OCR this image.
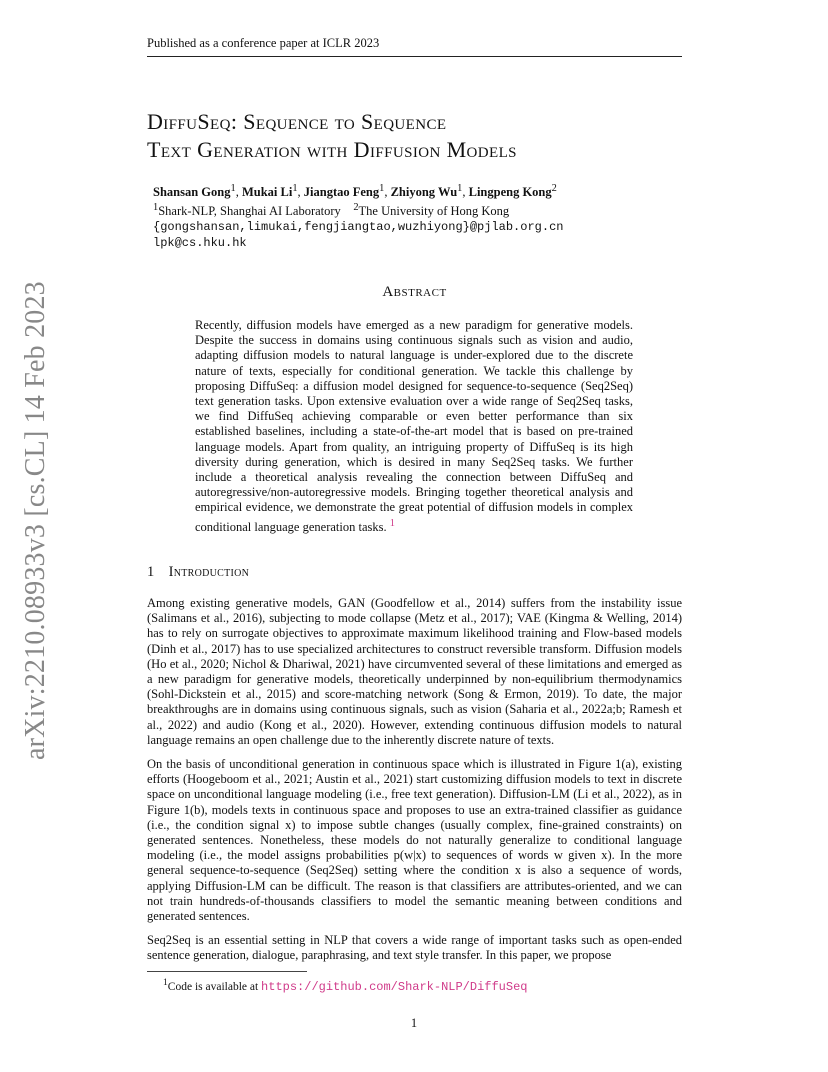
Published as a conference paper at ICLR 2023
arXiv:2210.08933v3 [cs.CL] 14 Feb 2023
DiffuSeq: Sequence to Sequence
Text Generation with Diffusion Models
Shansan Gong$^1$, Mukai Li$^1$, Jiangtao Feng$^1$, Zhiyong Wu$^1$, Lingpeng Kong$^2$
$^1$Shark-NLP, Shanghai AI Laboratory $^2$The University of Hong Kong
{gongshansan,limukai,fengjiangtao,wuzhiyong}@pjlab.org.cn
lpk@cs.hku.hk
Abstract
Recently, diffusion models have emerged as a new paradigm for generative models. Despite the success in domains using continuous signals such as vision and audio, adapting diffusion models to natural language is under-explored due to the discrete nature of texts, especially for conditional generation. We tackle this challenge by proposing DiffuSeq: a diffusion model designed for sequence-to-sequence (Seq2Seq) text generation tasks. Upon extensive evaluation over a wide range of Seq2Seq tasks, we find DiffuSeq achieving comparable or even better performance than six established baselines, including a state-of-the-art model that is based on pre-trained language models. Apart from quality, an intriguing property of DiffuSeq is its high diversity during generation, which is desired in many Seq2Seq tasks. We further include a theoretical analysis revealing the connection between DiffuSeq and autoregressive/non-autoregressive models. Bringing together theoretical analysis and empirical evidence, we demonstrate the great potential of diffusion models in complex conditional language generation tasks. $^1$
1 Introduction

Among existing generative models, GAN (Goodfellow et al., 2014) suffers from the instability issue (Salimans et al., 2016), subjecting to mode collapse (Metz et al., 2017); VAE (Kingma & Welling, 2014) has to rely on surrogate objectives to approximate maximum likelihood training and Flow-based models (Dinh et al., 2017) has to use specialized architectures to construct reversible transform. Diffusion models (Ho et al., 2020; Nichol & Dhariwal, 2021) have circumvented several of these limitations and emerged as a new paradigm for generative models, theoretically underpinned by non-equilibrium thermodynamics (Sohl-Dickstein et al., 2015) and score-matching network (Song & Ermon, 2019). To date, the major breakthroughs are in domains using continuous signals, such as vision (Saharia et al., 2022a;b; Ramesh et al., 2022) and audio (Kong et al., 2020). However, extending continuous diffusion models to natural language remains an open challenge due to the inherently discrete nature of texts.

On the basis of unconditional generation in continuous space which is illustrated in Figure 1(a), existing efforts (Hoogeboom et al., 2021; Austin et al., 2021) start customizing diffusion models to text in discrete space on unconditional language modeling (i.e., free text generation). Diffusion-LM (Li et al., 2022), as in Figure 1(b), models texts in continuous space and proposes to use an extra-trained classifier as guidance (i.e., the condition signal x) to impose subtle changes (usually complex, fine-grained constraints) on generated sentences. Nonetheless, these models do not naturally generalize to conditional language modeling (i.e., the model assigns probabilities p(w|x) to sequences of words w given x). In the more general sequence-to-sequence (Seq2Seq) setting where the condition x is also a sequence of words, applying Diffusion-LM can be difficult. The reason is that classifiers are attributes-oriented, and we can not train hundreds-of-thousands classifiers to model the semantic meaning between conditions and generated sentences.

Seq2Seq is an essential setting in NLP that covers a wide range of important tasks such as open-ended sentence generation, dialogue, paraphrasing, and text style transfer. In this paper, we propose

$^1$Code is available at https://github.com/Shark-NLP/DiffuSeq
1
